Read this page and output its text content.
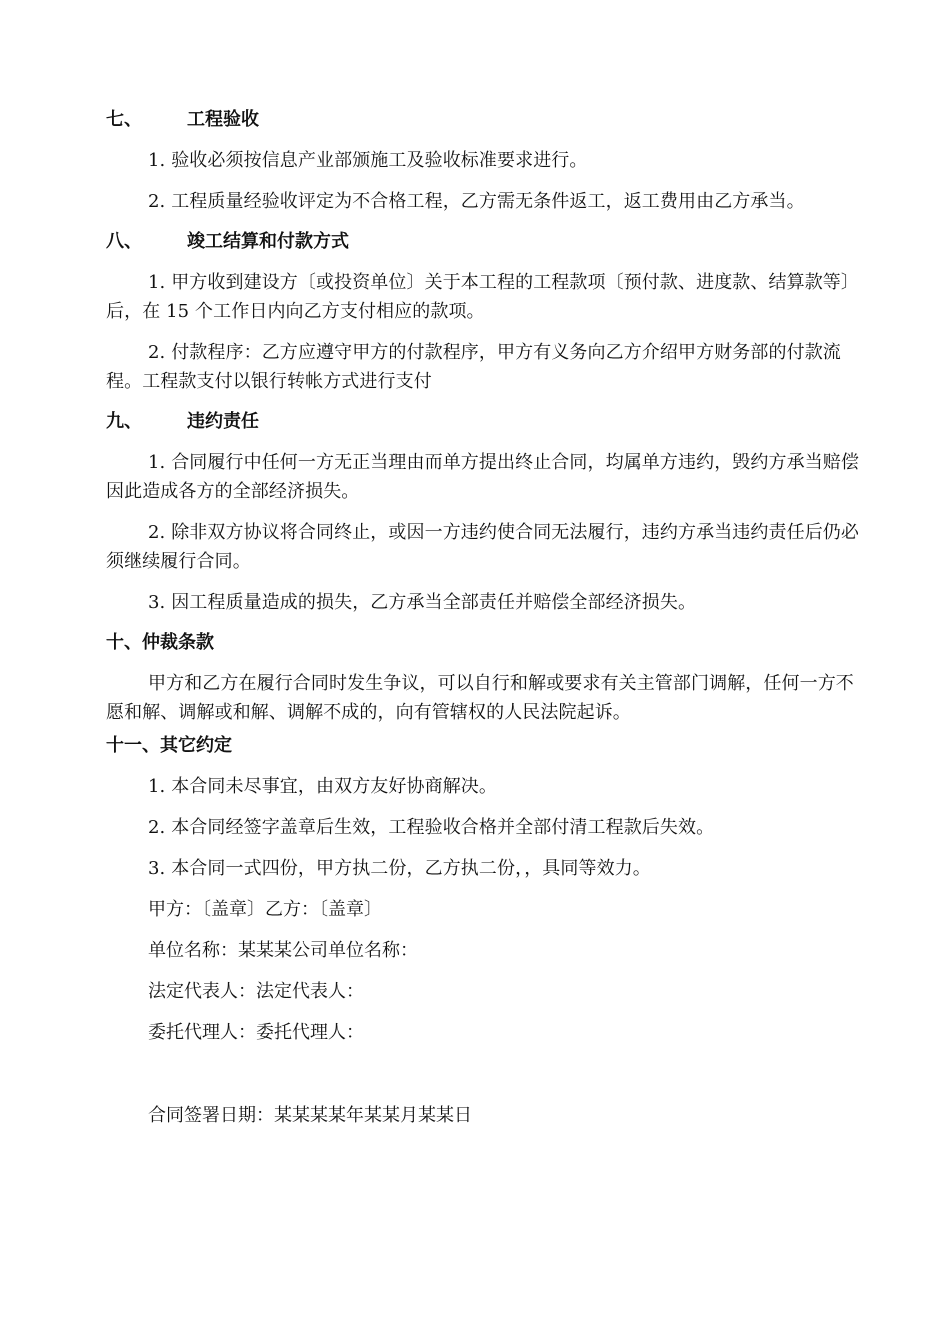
七、	工程验收

1. 验收必须按信息产业部颁施工及验收标准要求进行。

2. 工程质量经验收评定为不合格工程，乙方需无条件返工，返工费用由乙方承当。

八、	竣工结算和付款方式

1. 甲方收到建设方〔或投资单位〕关于本工程的工程款项〔预付款、进度款、结算款等〕后，在 15 个工作日内向乙方支付相应的款项。

2. 付款程序：乙方应遵守甲方的付款程序，甲方有义务向乙方介绍甲方财务部的付款流程。工程款支付以银行转帐方式进行支付

九、	违约责任

1. 合同履行中任何一方无正当理由而单方提出终止合同，均属单方违约，毁约方承当赔偿因此造成各方的全部经济损失。

2. 除非双方协议将合同终止，或因一方违约使合同无法履行，违约方承当违约责任后仍必须继续履行合同。

3. 因工程质量造成的损失，乙方承当全部责任并赔偿全部经济损失。

十、仲裁条款

甲方和乙方在履行合同时发生争议，可以自行和解或要求有关主管部门调解，任何一方不愿和解、调解或和解、调解不成的，向有管辖权的人民法院起诉。

十一、其它约定

1. 本合同未尽事宜，由双方友好协商解决。

2. 本合同经签字盖章后生效，工程验收合格并全部付清工程款后失效。

3. 本合同一式四份，甲方执二份，乙方执二份，，具同等效力。

甲方：〔盖章〕乙方：〔盖章〕

单位名称：某某某公司单位名称：

法定代表人：法定代表人：

委托代理人：委托代理人：

合同签署日期：某某某某年某某月某某日
